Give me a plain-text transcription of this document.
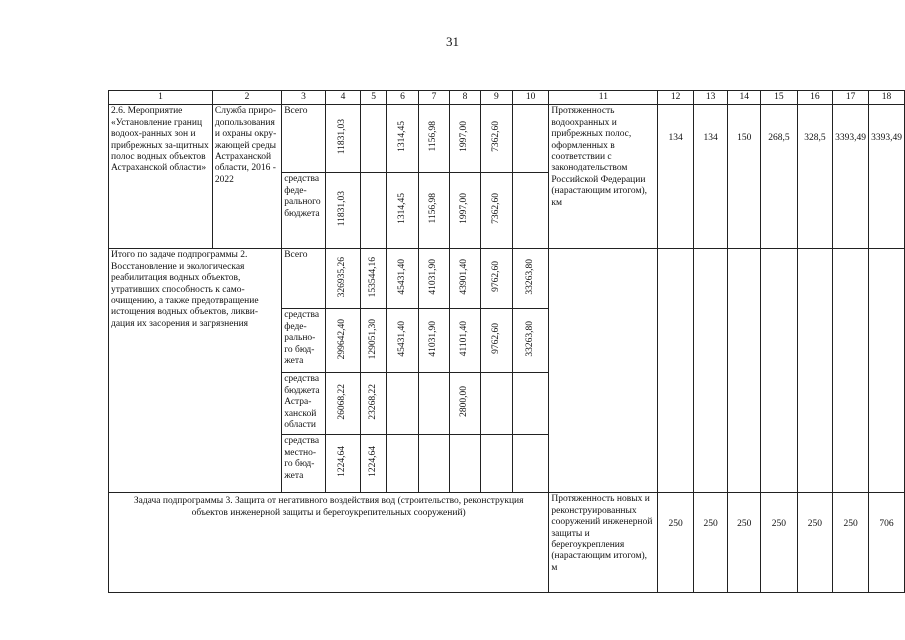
31
1	2	3	4	5	6	7	8	9	10	11	12	13	14	15	16	17	18
2.6. Мероприятие «Установление границ водоох-ранных зон и прибрежных за-щитных полос водных объектов Астраханской области»	Служба приро-допользования и охраны окру-жающей среды Астраханской области, 2016 - 2022	Всего	11831,03		1314,45	1156,98	1997,00	7362,60		Протяженность водоохранных и прибрежных полос, оформленных в соответствии с законодательством Российской Федерации (нарастающим итогом), км	134	134	150	268,5	328,5	3393,49	3393,49
		средства феде-рального бюджета	11831,03		1314,45	1156,98	1997,00	7362,60									
Итого по задаче подпрограммы 2. Восстановление и экологическая реабилитация водных объектов, утративших способность к само-очищению, а также предотвращение истощения водных объектов, ликви-дация их засорения и загрязнения		Всего	326935,26	153544,16	45431,40	41031,90	43901,40	9762,60	33263,80								
		средства феде-рально-го бюд-жета	299642,40	129051,30	45431,40	41031,90	41101,40	9762,60	33263,80								
		средства бюджета Астра-ханской области	26068,22	23268,22			2800,00										
		средства местно-го бюд-жета	1224,64	1224,64													
Задача подпрограммы 3. Защита от негативного воздействия вод (строительство, реконструкция объектов инженерной защиты и берегоукрепительных сооружений)										Протяженность новых и реконструированных сооружений инженерной защиты и берегоукрепления (нарастающим итогом), м	250	250	250	250	250	250	706
